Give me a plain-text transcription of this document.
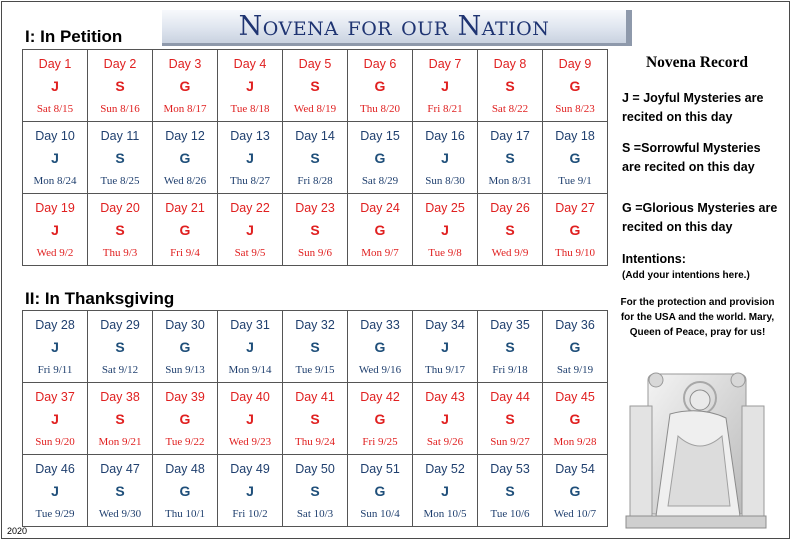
Novena for our Nation
I: In Petition
Day 1
J
Sat 8/15	Day 2
S
Sun 8/16	Day 3
G
Mon 8/17	Day 4
J
Tue 8/18	Day 5
S
Wed 8/19	Day 6
G
Thu 8/20	Day 7
J
Fri 8/21	Day 8
S
Sat 8/22	Day 9
G
Sun 8/23

Day 10
J
Mon 8/24	Day 11
S
Tue 8/25	Day 12
G
Wed 8/26	Day 13
J
Thu 8/27	Day 14
S
Fri 8/28	Day 15
G
Sat 8/29	Day 16
J
Sun 8/30	Day 17
S
Mon 8/31	Day 18
G
Tue 9/1

Day 19
J
Wed 9/2	Day 20
S
Thu 9/3	Day 21
G
Fri 9/4	Day 22
J
Sat 9/5	Day 23
S
Sun 9/6	Day 24
G
Mon 9/7	Day 25
J
Tue 9/8	Day 26
S
Wed 9/9	Day 27
G
Thu 9/10
II: In Thanksgiving
Day 28
J
Fri 9/11	Day 29
S
Sat 9/12	Day 30
G
Sun 9/13	Day 31
J
Mon 9/14	Day 32
S
Tue 9/15	Day 33
G
Wed 9/16	Day 34
J
Thu 9/17	Day 35
S
Fri 9/18	Day 36
G
Sat 9/19

Day 37
J
Sun 9/20	Day 38
S
Mon 9/21	Day 39
G
Tue 9/22	Day 40
J
Wed 9/23	Day 41
S
Thu 9/24	Day 42
G
Fri 9/25	Day 43
J
Sat 9/26	Day 44
S
Sun 9/27	Day 45
G
Mon 9/28

Day 46
J
Tue 9/29	Day 47
S
Wed 9/30	Day 48
G
Thu 10/1	Day 49
J
Fri 10/2	Day 50
S
Sat 10/3	Day 51
G
Sun 10/4	Day 52
J
Mon 10/5	Day 53
S
Tue 10/6	Day 54
G
Wed 10/7
Novena Record
J = Joyful Mysteries are recited on this day
S =Sorrowful Mysteries are recited on this day
G =Glorious Mysteries are recited on this day
Intentions:
(Add your intentions here.)
For the protection and provision for the USA and the world. Mary, Queen of Peace, pray for us!
2020
